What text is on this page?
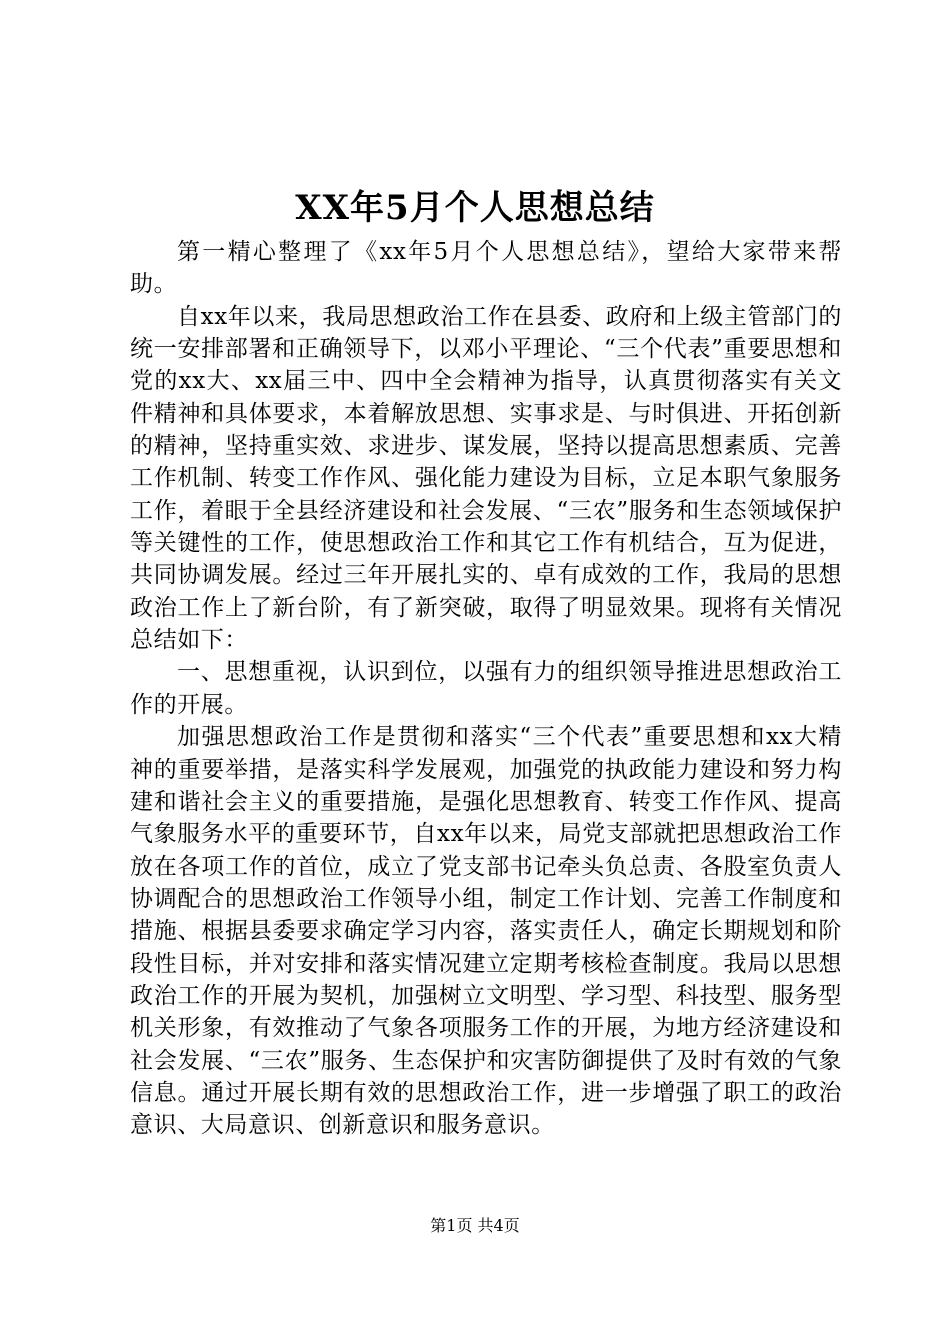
XX年5月个人思想总结

第一精心整理了《xx年5月个人思想总结》，望给大家带来帮助。

自xx年以来，我局思想政治工作在县委、政府和上级主管部门的统一安排部署和正确领导下，以邓小平理论、“三个代表”重要思想和党的xx大、xx届三中、四中全会精神为指导，认真贯彻落实有关文件精神和具体要求，本着解放思想、实事求是、与时俱进、开拓创新的精神，坚持重实效、求进步、谋发展，坚持以提高思想素质、完善工作机制、转变工作作风、强化能力建设为目标，立足本职气象服务工作，着眼于全县经济建设和社会发展、“三农”服务和生态领域保护等关键性的工作，使思想政治工作和其它工作有机结合，互为促进，共同协调发展。经过三年开展扎实的、卓有成效的工作，我局的思想政治工作上了新台阶，有了新突破，取得了明显效果。现将有关情况总结如下：

一、思想重视，认识到位，以强有力的组织领导推进思想政治工作的开展。

加强思想政治工作是贯彻和落实“三个代表”重要思想和xx大精神的重要举措，是落实科学发展观，加强党的执政能力建设和努力构建和谐社会主义的重要措施，是强化思想教育、转变工作作风、提高气象服务水平的重要环节，自xx年以来，局党支部就把思想政治工作放在各项工作的首位，成立了党支部书记牵头负总责、各股室负责人协调配合的思想政治工作领导小组，制定工作计划、完善工作制度和措施、根据县委要求确定学习内容，落实责任人，确定长期规划和阶段性目标，并对安排和落实情况建立定期考核检查制度。我局以思想政治工作的开展为契机，加强树立文明型、学习型、科技型、服务型机关形象，有效推动了气象各项服务工作的开展，为地方经济建设和社会发展、“三农”服务、生态保护和灾害防御提供了及时有效的气象信息。通过开展长期有效的思想政治工作，进一步增强了职工的政治意识、大局意识、创新意识和服务意识。

第1页 共4页
